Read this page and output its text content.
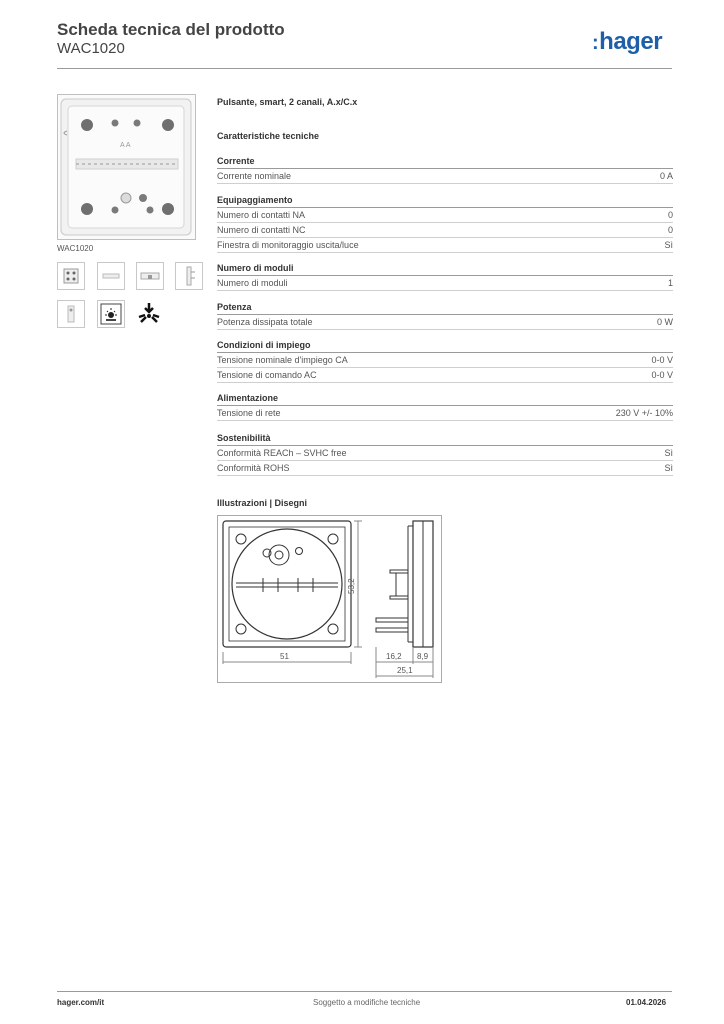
Scheda tecnica del prodotto
WAC1020	:hager
A A
WAC1020
Pulsante, smart, 2 canali, A.x/C.x
Caratteristiche tecniche
Corrente
Corrente nominale	0 A
Equipaggiamento
Numero di contatti NA	0
Numero di contatti NC	0
Finestra di monitoraggio uscita/luce	Sì
Numero di moduli
Numero di moduli	1
Potenza
Potenza dissipata totale	0 W
Condizioni di impiego
Tensione nominale d'impiego CA	0-0 V
Tensione di comando AC	0-0 V
Alimentazione
Tensione di rete	230 V +/- 10%
Sostenibilità
Conformità REACh – SVHC free	Sì
Conformità ROHS	Sì
Illustrazioni | Disegni
53,2
51	16,2 8,9
25,1
hager.com/it	Soggetto a modifiche tecniche	01.04.2026
